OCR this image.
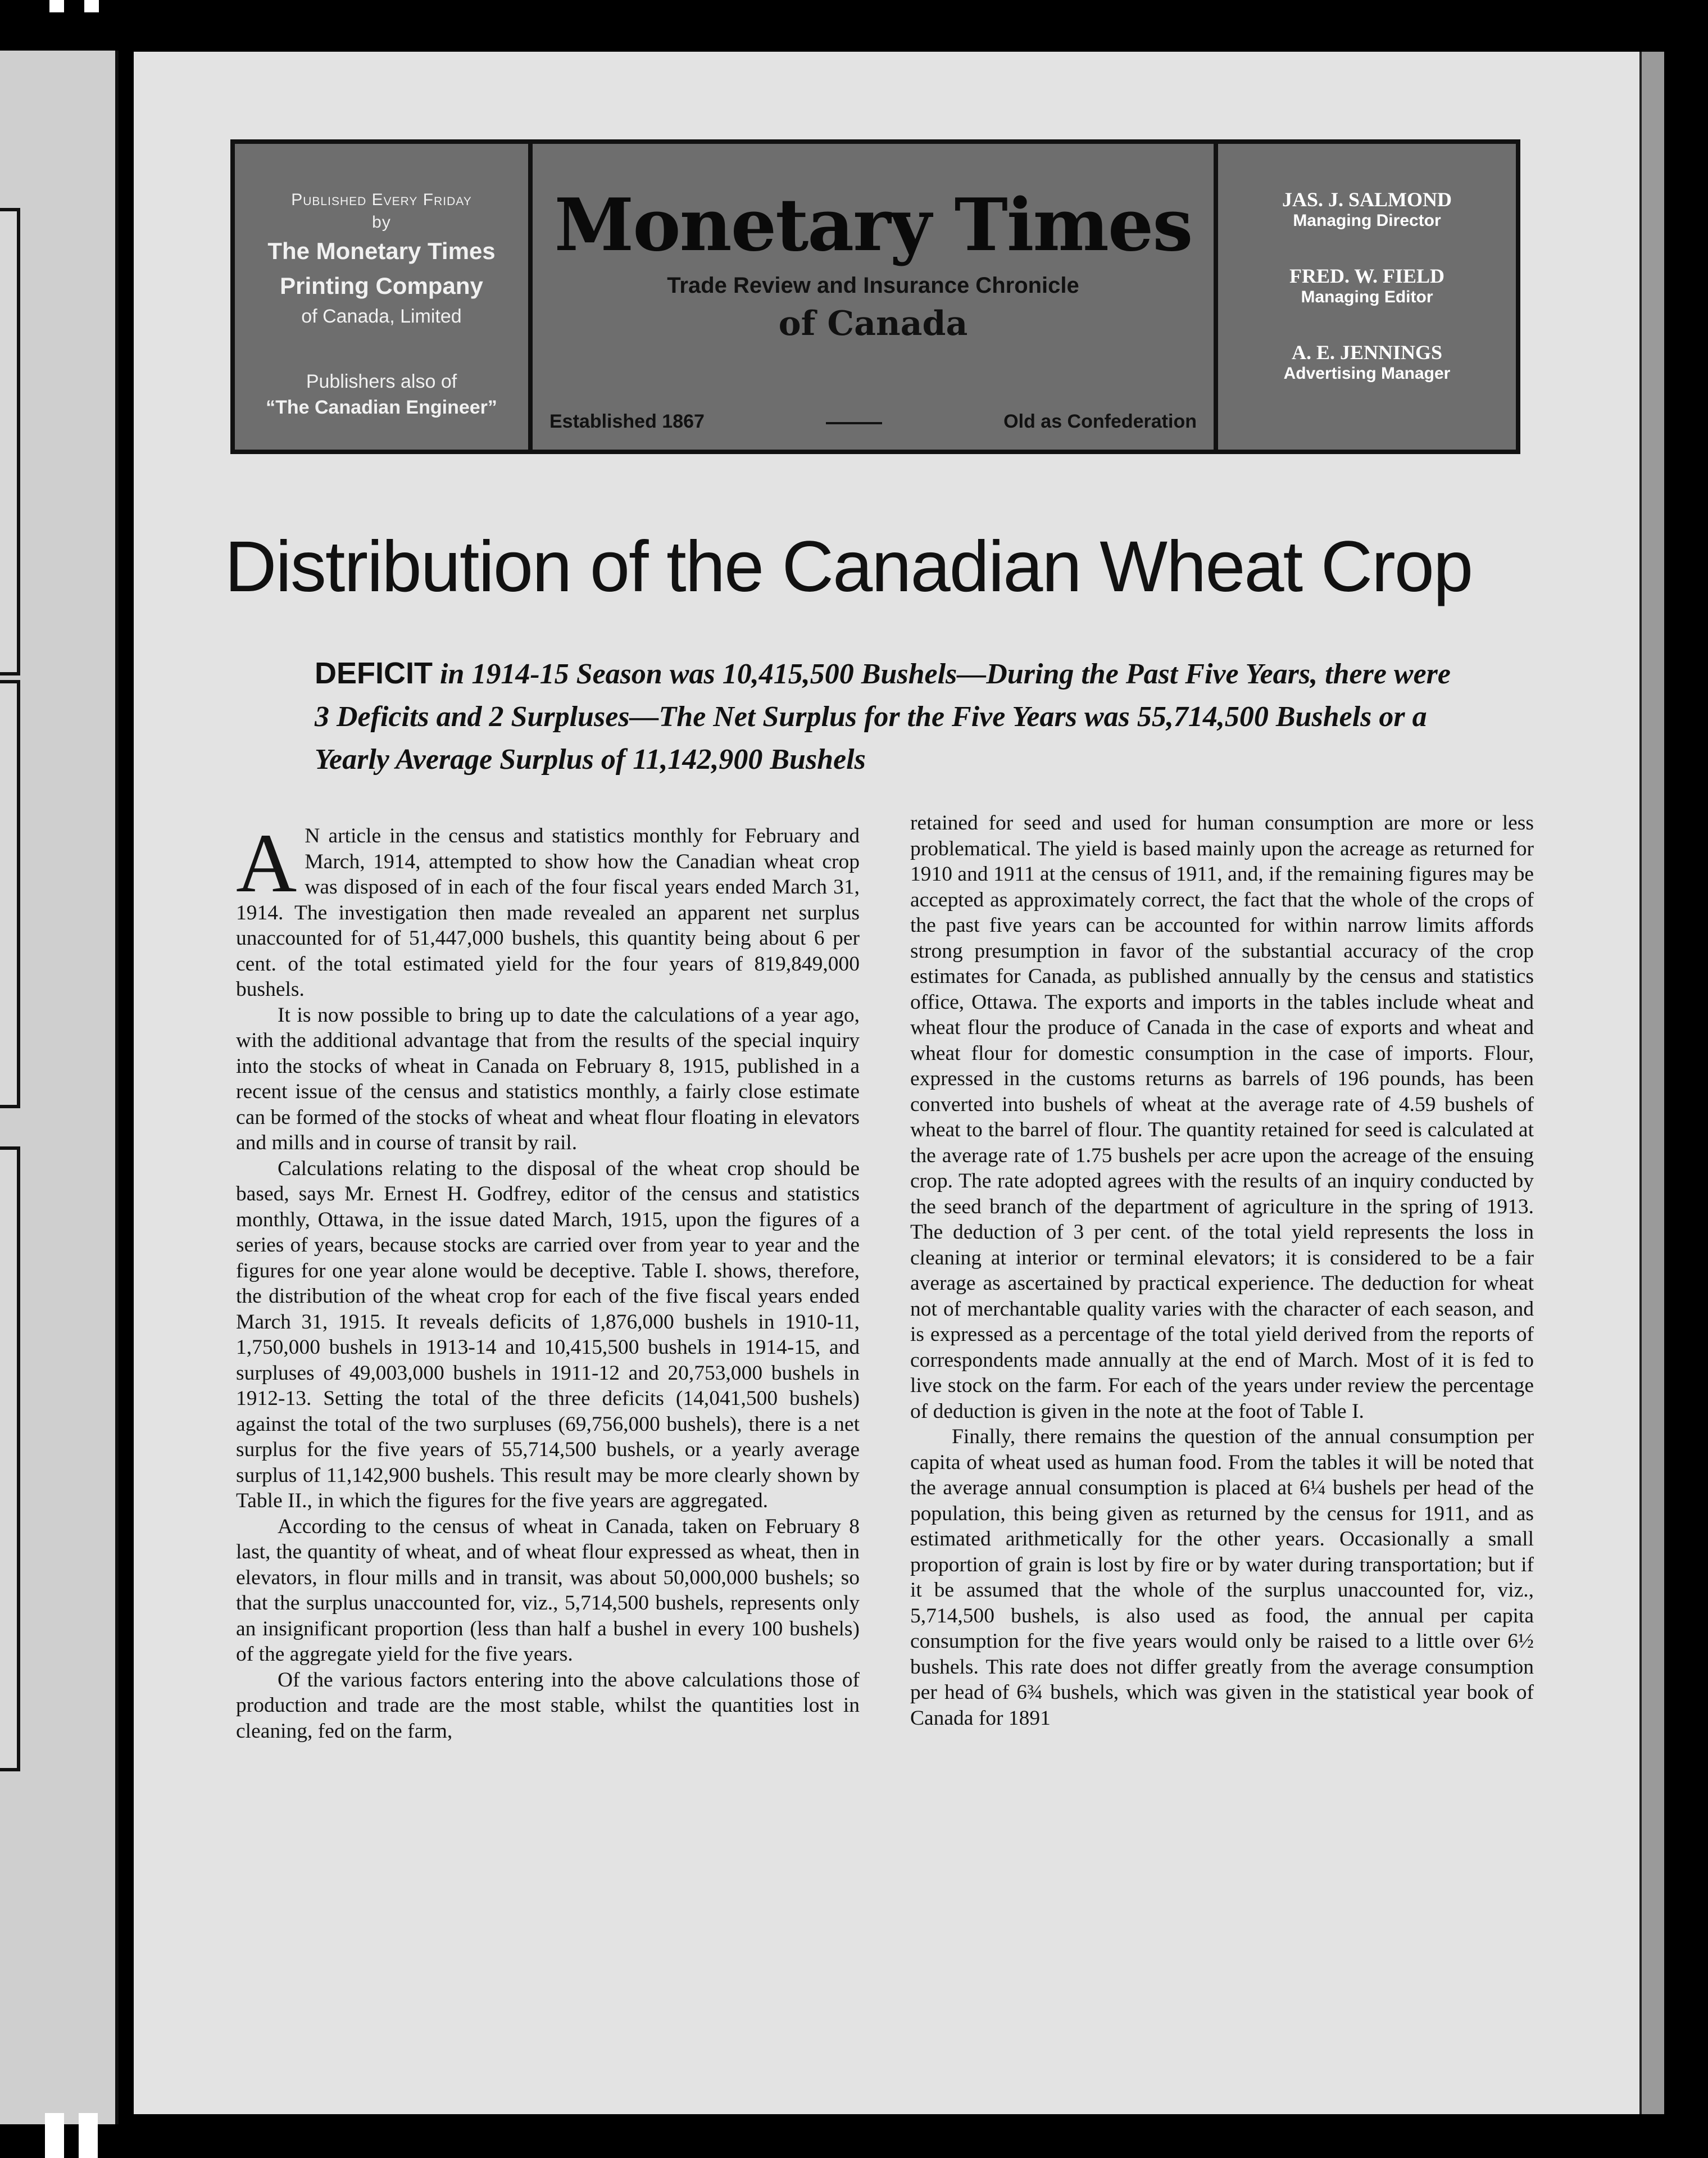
Published Every Friday
by
The Monetary Times
Printing Company
of Canada, Limited
Publishers also of
“The Canadian Engineer”
Monetary Times
Trade Review and Insurance Chronicle
of Canada
Established 1867	Old as Confederation
JAS. J. SALMOND
Managing Director
FRED. W. FIELD
Managing Editor
A. E. JENNINGS
Advertising Manager
Distribution of the Canadian Wheat Crop
DEFICIT in 1914-15 Season was 10,415,500 Bushels—During the Past Five Years, there were 3 Deficits and 2 Surpluses—The Net Surplus for the Five Years was 55,714,500 Bushels or a Yearly Average Surplus of 11,142,900 Bushels

A N article in the census and statistics monthly for February and March, 1914, attempted to show how the Canadian wheat crop was disposed of in each of the four fiscal years ended March 31, 1914. The investigation then made revealed an apparent net surplus unaccounted for of 51,447,000 bushels, this quantity being about 6 per cent. of the total estimated yield for the four years of 819,849,000 bushels.

It is now possible to bring up to date the calculations of a year ago, with the additional advantage that from the results of the special inquiry into the stocks of wheat in Canada on February 8, 1915, published in a recent issue of the census and statistics monthly, a fairly close estimate can be formed of the stocks of wheat and wheat flour floating in elevators and mills and in course of transit by rail.

Calculations relating to the disposal of the wheat crop should be based, says Mr. Ernest H. Godfrey, editor of the census and statistics monthly, Ottawa, in the issue dated March, 1915, upon the figures of a series of years, because stocks are carried over from year to year and the figures for one year alone would be deceptive. Table I. shows, therefore, the distribution of the wheat crop for each of the five fiscal years ended March 31, 1915. It reveals deficits of 1,876,000 bushels in 1910-11, 1,750,000 bushels in 1913-14 and 10,415,500 bushels in 1914-15, and surpluses of 49,003,000 bushels in 1911-12 and 20,753,000 bushels in 1912-13. Setting the total of the three deficits (14,041,500 bushels) against the total of the two surpluses (69,756,000 bushels), there is a net surplus for the five years of 55,714,500 bushels, or a yearly average surplus of 11,142,900 bushels. This result may be more clearly shown by Table II., in which the figures for the five years are aggregated.

According to the census of wheat in Canada, taken on February 8 last, the quantity of wheat, and of wheat flour expressed as wheat, then in elevators, in flour mills and in transit, was about 50,000,000 bushels; so that the surplus unaccounted for, viz., 5,714,500 bushels, represents only an insignificant proportion (less than half a bushel in every 100 bushels) of the aggregate yield for the five years.

Of the various factors entering into the above calculations those of production and trade are the most stable, whilst the quantities lost in cleaning, fed on the farm,

retained for seed and used for human consumption are more or less problematical. The yield is based mainly upon the acreage as returned for 1910 and 1911 at the census of 1911, and, if the remaining figures may be accepted as approximately correct, the fact that the whole of the crops of the past five years can be accounted for within narrow limits affords strong presumption in favor of the substantial accuracy of the crop estimates for Canada, as published annually by the census and statistics office, Ottawa. The exports and imports in the tables include wheat and wheat flour the produce of Canada in the case of exports and wheat and wheat flour for domestic consumption in the case of imports. Flour, expressed in the customs returns as barrels of 196 pounds, has been converted into bushels of wheat at the average rate of 4.59 bushels of wheat to the barrel of flour. The quantity retained for seed is calculated at the average rate of 1.75 bushels per acre upon the acreage of the ensuing crop. The rate adopted agrees with the results of an inquiry conducted by the seed branch of the department of agriculture in the spring of 1913. The deduction of 3 per cent. of the total yield represents the loss in cleaning at interior or terminal elevators; it is considered to be a fair average as ascertained by practical experience. The deduction for wheat not of merchantable quality varies with the character of each season, and is expressed as a percentage of the total yield derived from the reports of correspondents made annually at the end of March. Most of it is fed to live stock on the farm. For each of the years under review the percentage of deduction is given in the note at the foot of Table I.

Finally, there remains the question of the annual consumption per capita of wheat used as human food. From the tables it will be noted that the average annual consumption is placed at 6¼ bushels per head of the population, this being given as returned by the census for 1911, and as estimated arithmetically for the other years. Occasionally a small proportion of grain is lost by fire or by water during transportation; but if it be assumed that the whole of the surplus unaccounted for, viz., 5,714,500 bushels, is also used as food, the annual per capita consumption for the five years would only be raised to a little over 6½ bushels. This rate does not differ greatly from the average consumption per head of 6¾ bushels, which was given in the statistical year book of Canada for 1891
